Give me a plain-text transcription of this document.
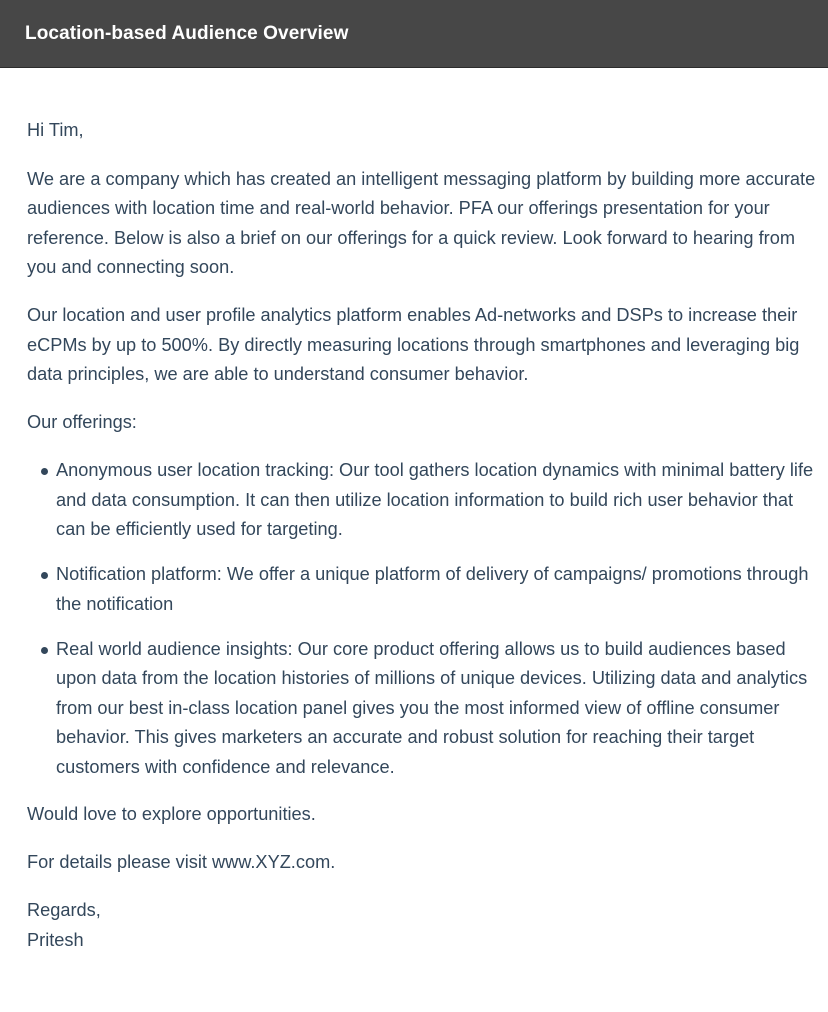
Location-based Audience Overview

Hi Tim,

We are a company which has created an intelligent messaging platform by building more accurate audiences with location time and real-world behavior. PFA our offerings presentation for your reference. Below is also a brief on our offerings for a quick review. Look forward to hearing from you and connecting soon.

Our location and user profile analytics platform enables Ad-networks and DSPs to increase their eCPMs by up to 500%. By directly measuring locations through smartphones and leveraging big data principles, we are able to understand consumer behavior.

Our offerings:

Anonymous user location tracking: Our tool gathers location dynamics with minimal battery life and data consumption. It can then utilize location information to build rich user behavior that can be efficiently used for targeting.
Notification platform: We offer a unique platform of delivery of campaigns/ promotions through the notification
Real world audience insights: Our core product offering allows us to build audiences based upon data from the location histories of millions of unique devices. Utilizing data and analytics from our best in-class location panel gives you the most informed view of offline consumer behavior. This gives marketers an accurate and robust solution for reaching their target customers with confidence and relevance.

Would love to explore opportunities.

For details please visit www.XYZ.com.

Regards,

Pritesh
